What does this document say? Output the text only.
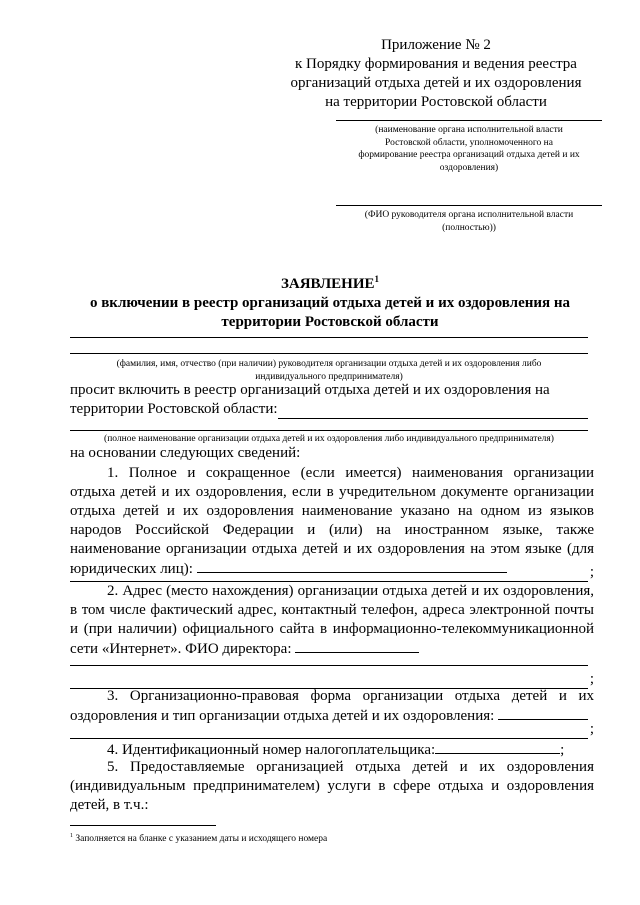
Приложение № 2
к Порядку формирования и ведения реестра
организаций отдыха детей и их оздоровления
на территории Ростовской области
(наименование органа исполнительной власти
Ростовской области, уполномоченного на
формирование реестра организаций отдыха детей и их
оздоровления)
(ФИО руководителя органа исполнительной власти
(полностью))
ЗАЯВЛЕНИЕ$^1$
о включении в реестр организаций отдыха детей и их оздоровления на
территории Ростовской области
(фамилия, имя, отчество (при наличии) руководителя организации отдыха детей и их оздоровления либо
индивидуального предпринимателя)
просит включить в реестр организаций отдыха детей и их оздоровления на
территории Ростовской области:
(полное наименование организации отдыха детей и их оздоровления либо индивидуального предпринимателя)
на основании следующих сведений:
1. Полное и сокращенное (если имеется) наименования организации отдыха детей и их оздоровления, если в учредительном документе организации отдыха детей и их оздоровления наименование указано на одном из языков народов Российской Федерации и (или) на иностранном языке, также наименование организации отдыха детей и их оздоровления на этом языке (для юридических лиц):	;
2. Адрес (место нахождения) организации отдыха детей и их оздоровления, в том числе фактический адрес, контактный телефон, адреса электронной почты и (при наличии) официального сайта в информационно-телекоммуникационной сети «Интернет». ФИО директора:
;
3. Организационно-правовая форма организации отдыха детей и их оздоровления и тип организации отдыха детей и их оздоровления:
;
4. Идентификационный номер налогоплательщика:	;
5. Предоставляемые организацией отдыха детей и их оздоровления (индивидуальным предпринимателем) услуги в сфере отдыха и оздоровления детей, в т.ч.:
$^1$ Заполняется на бланке с указанием даты и исходящего номера
